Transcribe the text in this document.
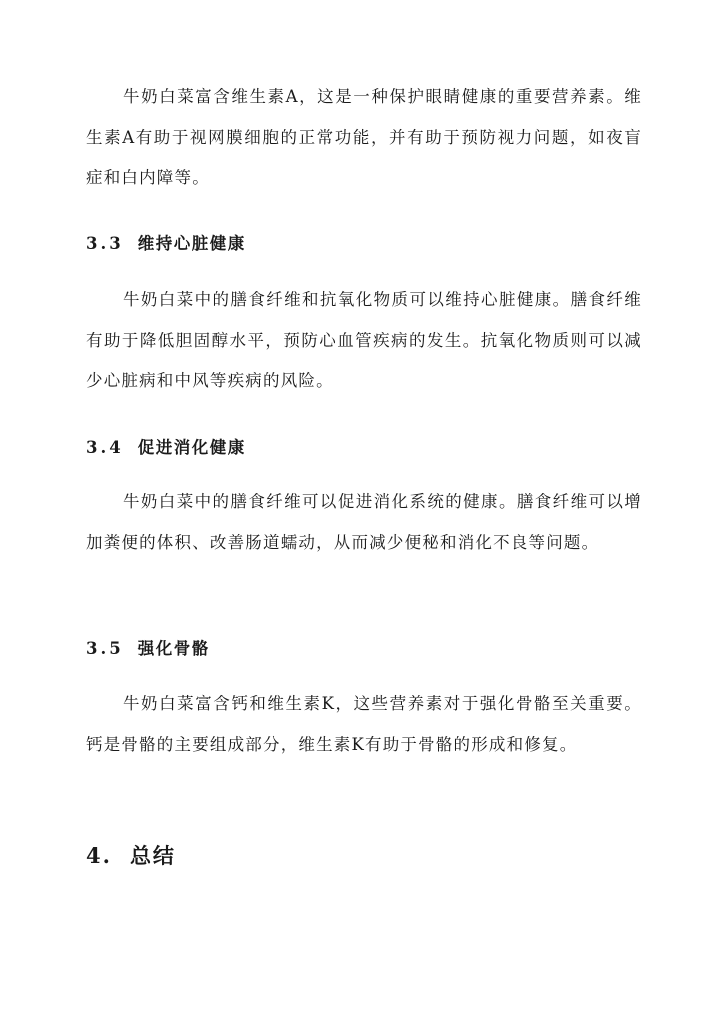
牛奶白菜富含维生素A，这是一种保护眼睛健康的重要营养素。维生素A有助于视网膜细胞的正常功能，并有助于预防视力问题，如夜盲症和白内障等。

3.3 维持心脏健康

牛奶白菜中的膳食纤维和抗氧化物质可以维持心脏健康。膳食纤维有助于降低胆固醇水平，预防心血管疾病的发生。抗氧化物质则可以减少心脏病和中风等疾病的风险。

3.4 促进消化健康

牛奶白菜中的膳食纤维可以促进消化系统的健康。膳食纤维可以增加粪便的体积、改善肠道蠕动，从而减少便秘和消化不良等问题。

3.5 强化骨骼

牛奶白菜富含钙和维生素K，这些营养素对于强化骨骼至关重要。钙是骨骼的主要组成部分，维生素K有助于骨骼的形成和修复。

4. 总结
